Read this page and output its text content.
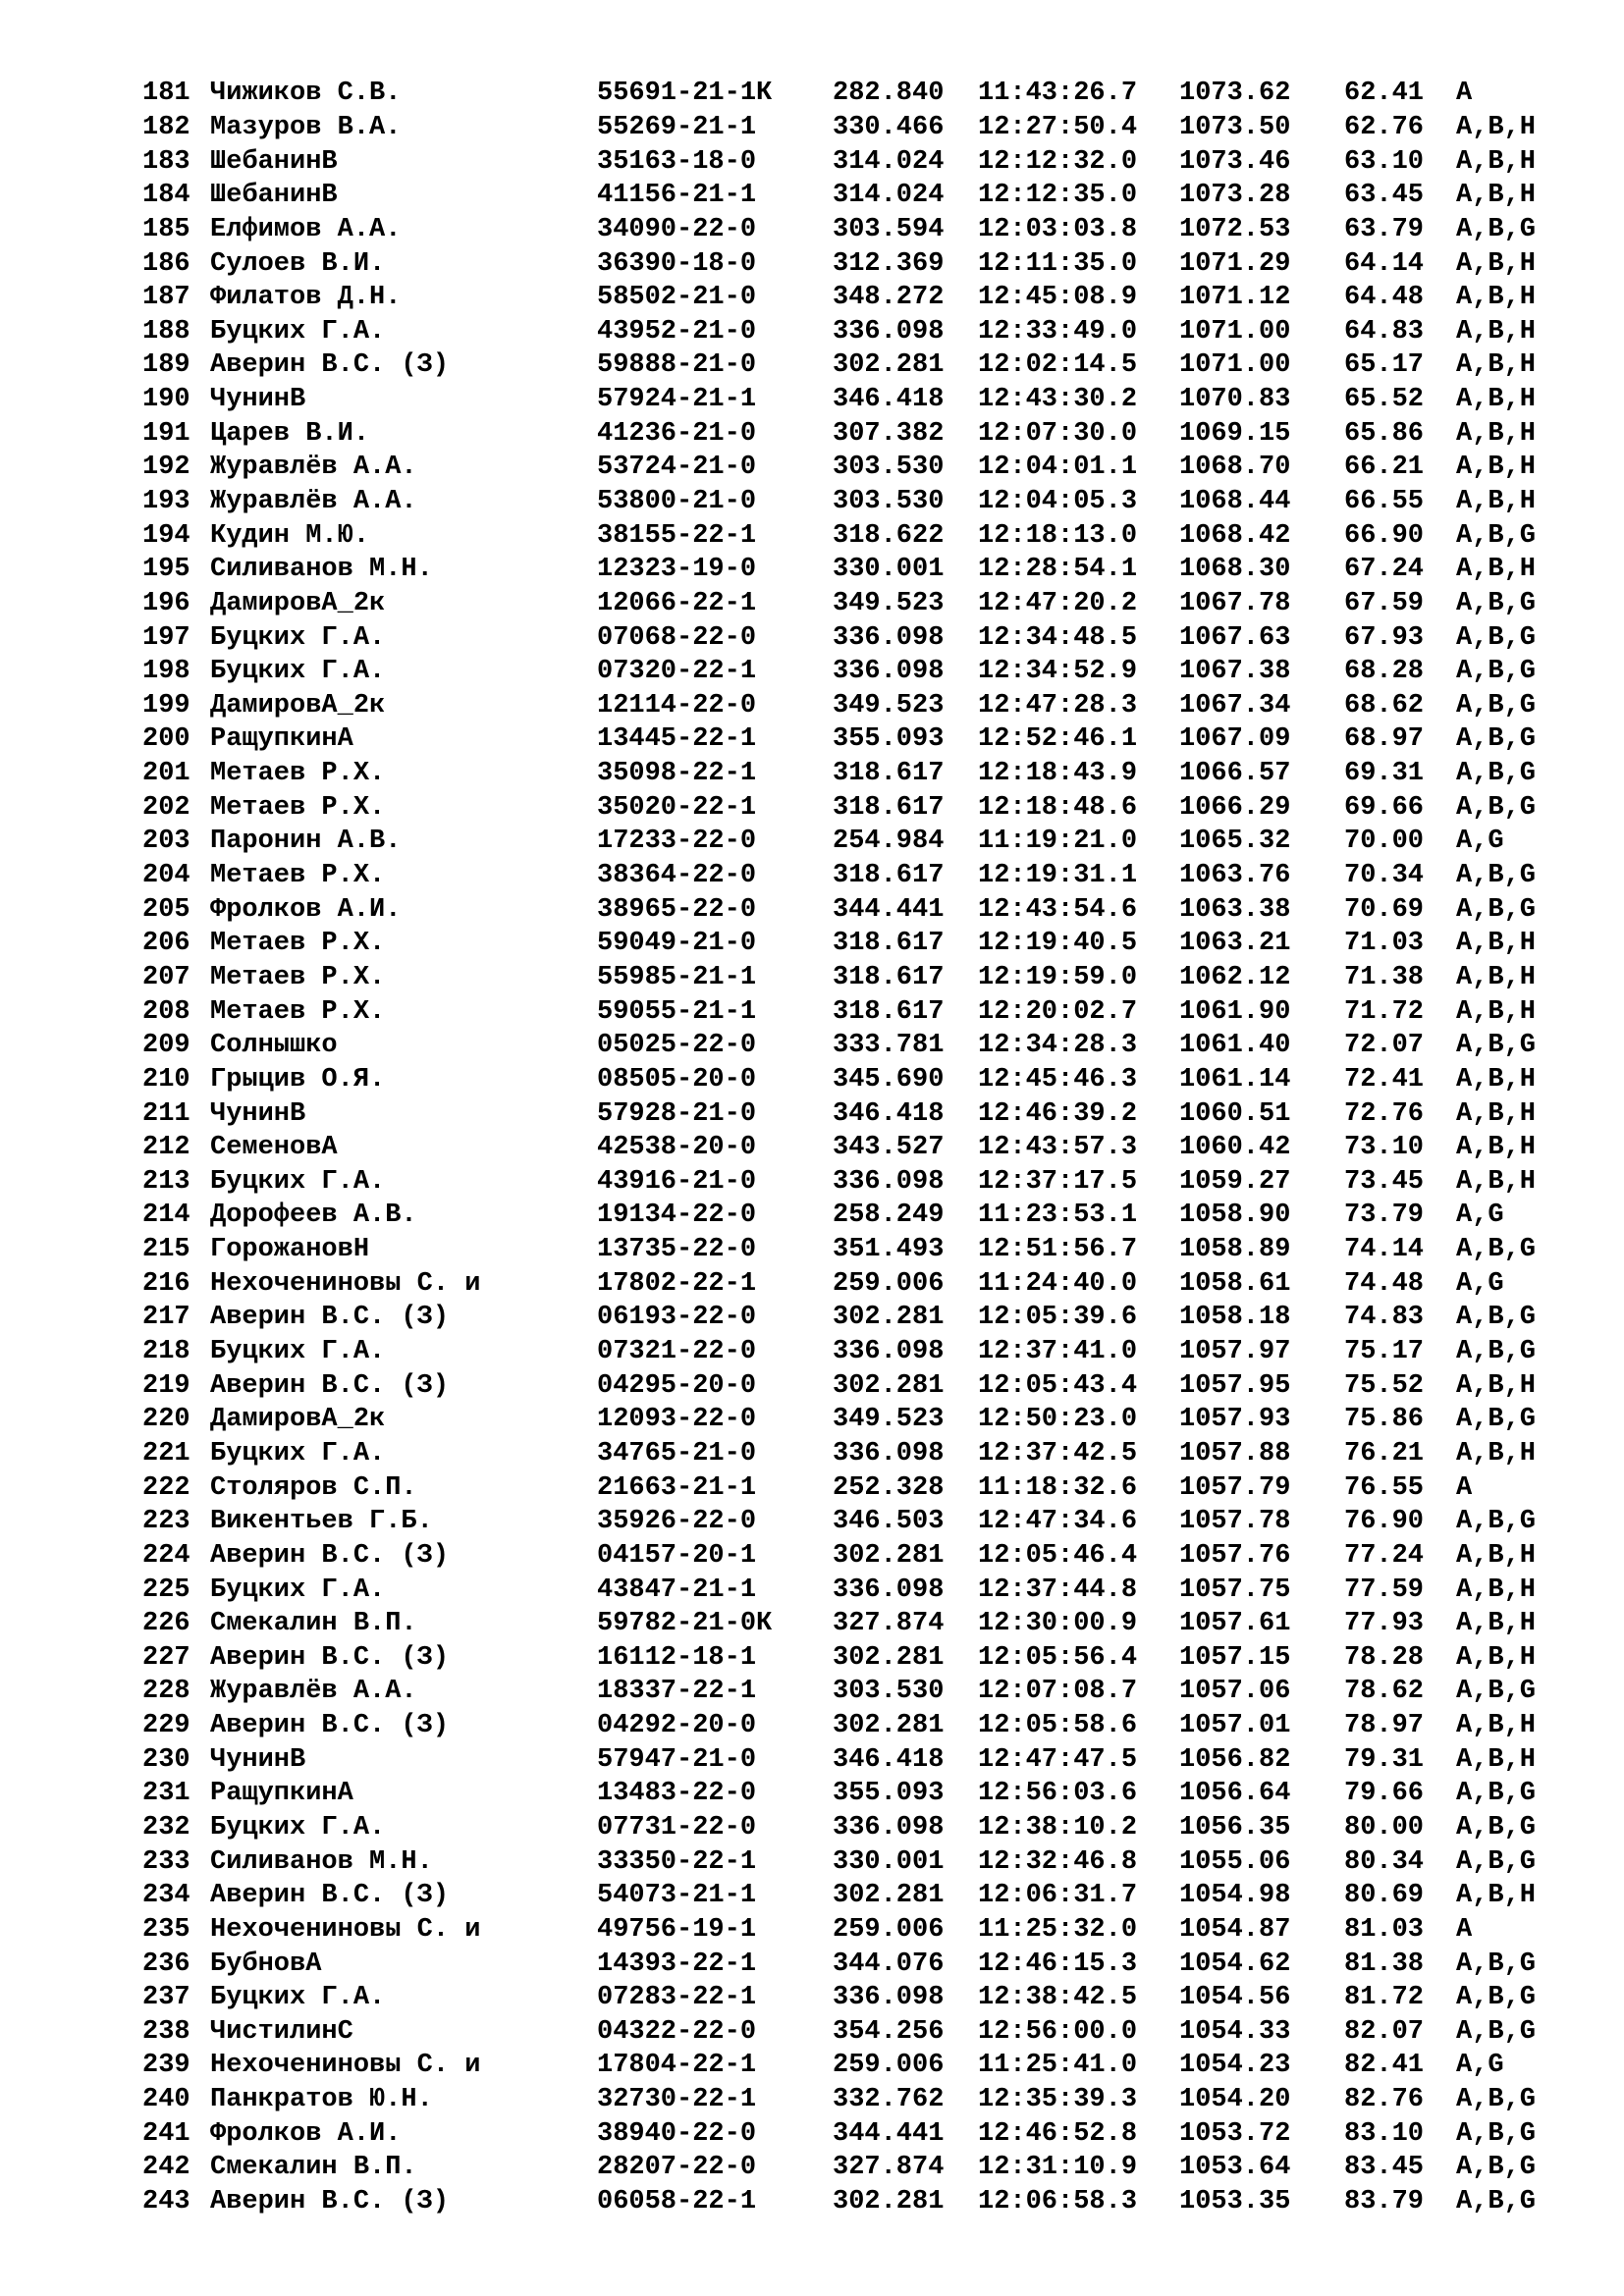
181 Чижиков С.В.	55691-21-1К	282.840	11:43:26.7	1073.62	62.41	A
182 Мазуров В.А.	55269-21-1	330.466	12:27:50.4	1073.50	62.76	A,B,H
183 ШебанинВ	35163-18-0	314.024	12:12:32.0	1073.46	63.10	A,B,H
184 ШебанинВ	41156-21-1	314.024	12:12:35.0	1073.28	63.45	A,B,H
185 Елфимов А.А.	34090-22-0	303.594	12:03:03.8	1072.53	63.79	A,B,G
186 Сулоев В.И.	36390-18-0	312.369	12:11:35.0	1071.29	64.14	A,B,H
187 Филатов Д.Н.	58502-21-0	348.272	12:45:08.9	1071.12	64.48	A,B,H
188 Буцких Г.А.	43952-21-0	336.098	12:33:49.0	1071.00	64.83	A,B,H
189 Аверин В.С. (З)	59888-21-0	302.281	12:02:14.5	1071.00	65.17	A,B,H
190 ЧунинВ	57924-21-1	346.418	12:43:30.2	1070.83	65.52	A,B,H
191 Царев В.И.	41236-21-0	307.382	12:07:30.0	1069.15	65.86	A,B,H
192 Журавлёв А.А.	53724-21-0	303.530	12:04:01.1	1068.70	66.21	A,B,H
193 Журавлёв А.А.	53800-21-0	303.530	12:04:05.3	1068.44	66.55	A,B,H
194 Кудин М.Ю.	38155-22-1	318.622	12:18:13.0	1068.42	66.90	A,B,G
195 Силиванов М.Н.	12323-19-0	330.001	12:28:54.1	1068.30	67.24	A,B,H
196 ДамировА_2к	12066-22-1	349.523	12:47:20.2	1067.78	67.59	A,B,G
197 Буцких Г.А.	07068-22-0	336.098	12:34:48.5	1067.63	67.93	A,B,G
198 Буцких Г.А.	07320-22-1	336.098	12:34:52.9	1067.38	68.28	A,B,G
199 ДамировА_2к	12114-22-0	349.523	12:47:28.3	1067.34	68.62	A,B,G
200 РащупкинА	13445-22-1	355.093	12:52:46.1	1067.09	68.97	A,B,G
201 Метаев Р.Х.	35098-22-1	318.617	12:18:43.9	1066.57	69.31	A,B,G
202 Метаев Р.Х.	35020-22-1	318.617	12:18:48.6	1066.29	69.66	A,B,G
203 Паронин А.В.	17233-22-0	254.984	11:19:21.0	1065.32	70.00	A,G
204 Метаев Р.Х.	38364-22-0	318.617	12:19:31.1	1063.76	70.34	A,B,G
205 Фролков А.И.	38965-22-0	344.441	12:43:54.6	1063.38	70.69	A,B,G
206 Метаев Р.Х.	59049-21-0	318.617	12:19:40.5	1063.21	71.03	A,B,H
207 Метаев Р.Х.	55985-21-1	318.617	12:19:59.0	1062.12	71.38	A,B,H
208 Метаев Р.Х.	59055-21-1	318.617	12:20:02.7	1061.90	71.72	A,B,H
209 Солнышко	05025-22-0	333.781	12:34:28.3	1061.40	72.07	A,B,G
210 Грыцив О.Я.	08505-20-0	345.690	12:45:46.3	1061.14	72.41	A,B,H
211 ЧунинВ	57928-21-0	346.418	12:46:39.2	1060.51	72.76	A,B,H
212 СеменовА	42538-20-0	343.527	12:43:57.3	1060.42	73.10	A,B,H
213 Буцких Г.А.	43916-21-0	336.098	12:37:17.5	1059.27	73.45	A,B,H
214 Дорофеев А.В.	19134-22-0	258.249	11:23:53.1	1058.90	73.79	A,G
215 ГорожановН	13735-22-0	351.493	12:51:56.7	1058.89	74.14	A,B,G
216 Нехочениновы С. и	17802-22-1	259.006	11:24:40.0	1058.61	74.48	A,G
217 Аверин В.С. (З)	06193-22-0	302.281	12:05:39.6	1058.18	74.83	A,B,G
218 Буцких Г.А.	07321-22-0	336.098	12:37:41.0	1057.97	75.17	A,B,G
219 Аверин В.С. (З)	04295-20-0	302.281	12:05:43.4	1057.95	75.52	A,B,H
220 ДамировА_2к	12093-22-0	349.523	12:50:23.0	1057.93	75.86	A,B,G
221 Буцких Г.А.	34765-21-0	336.098	12:37:42.5	1057.88	76.21	A,B,H
222 Столяров С.П.	21663-21-1	252.328	11:18:32.6	1057.79	76.55	A
223 Викентьев Г.Б.	35926-22-0	346.503	12:47:34.6	1057.78	76.90	A,B,G
224 Аверин В.С. (З)	04157-20-1	302.281	12:05:46.4	1057.76	77.24	A,B,H
225 Буцких Г.А.	43847-21-1	336.098	12:37:44.8	1057.75	77.59	A,B,H
226 Смекалин В.П.	59782-21-0К	327.874	12:30:00.9	1057.61	77.93	A,B,H
227 Аверин В.С. (З)	16112-18-1	302.281	12:05:56.4	1057.15	78.28	A,B,H
228 Журавлёв А.А.	18337-22-1	303.530	12:07:08.7	1057.06	78.62	A,B,G
229 Аверин В.С. (З)	04292-20-0	302.281	12:05:58.6	1057.01	78.97	A,B,H
230 ЧунинВ	57947-21-0	346.418	12:47:47.5	1056.82	79.31	A,B,H
231 РащупкинА	13483-22-0	355.093	12:56:03.6	1056.64	79.66	A,B,G
232 Буцких Г.А.	07731-22-0	336.098	12:38:10.2	1056.35	80.00	A,B,G
233 Силиванов М.Н.	33350-22-1	330.001	12:32:46.8	1055.06	80.34	A,B,G
234 Аверин В.С. (З)	54073-21-1	302.281	12:06:31.7	1054.98	80.69	A,B,H
235 Нехочениновы С. и	49756-19-1	259.006	11:25:32.0	1054.87	81.03	A
236 БубновА	14393-22-1	344.076	12:46:15.3	1054.62	81.38	A,B,G
237 Буцких Г.А.	07283-22-1	336.098	12:38:42.5	1054.56	81.72	A,B,G
238 ЧистилинС	04322-22-0	354.256	12:56:00.0	1054.33	82.07	A,B,G
239 Нехочениновы С. и	17804-22-1	259.006	11:25:41.0	1054.23	82.41	A,G
240 Панкратов Ю.Н.	32730-22-1	332.762	12:35:39.3	1054.20	82.76	A,B,G
241 Фролков А.И.	38940-22-0	344.441	12:46:52.8	1053.72	83.10	A,B,G
242 Смекалин В.П.	28207-22-0	327.874	12:31:10.9	1053.64	83.45	A,B,G
243 Аверин В.С. (З)	06058-22-1	302.281	12:06:58.3	1053.35	83.79	A,B,G
